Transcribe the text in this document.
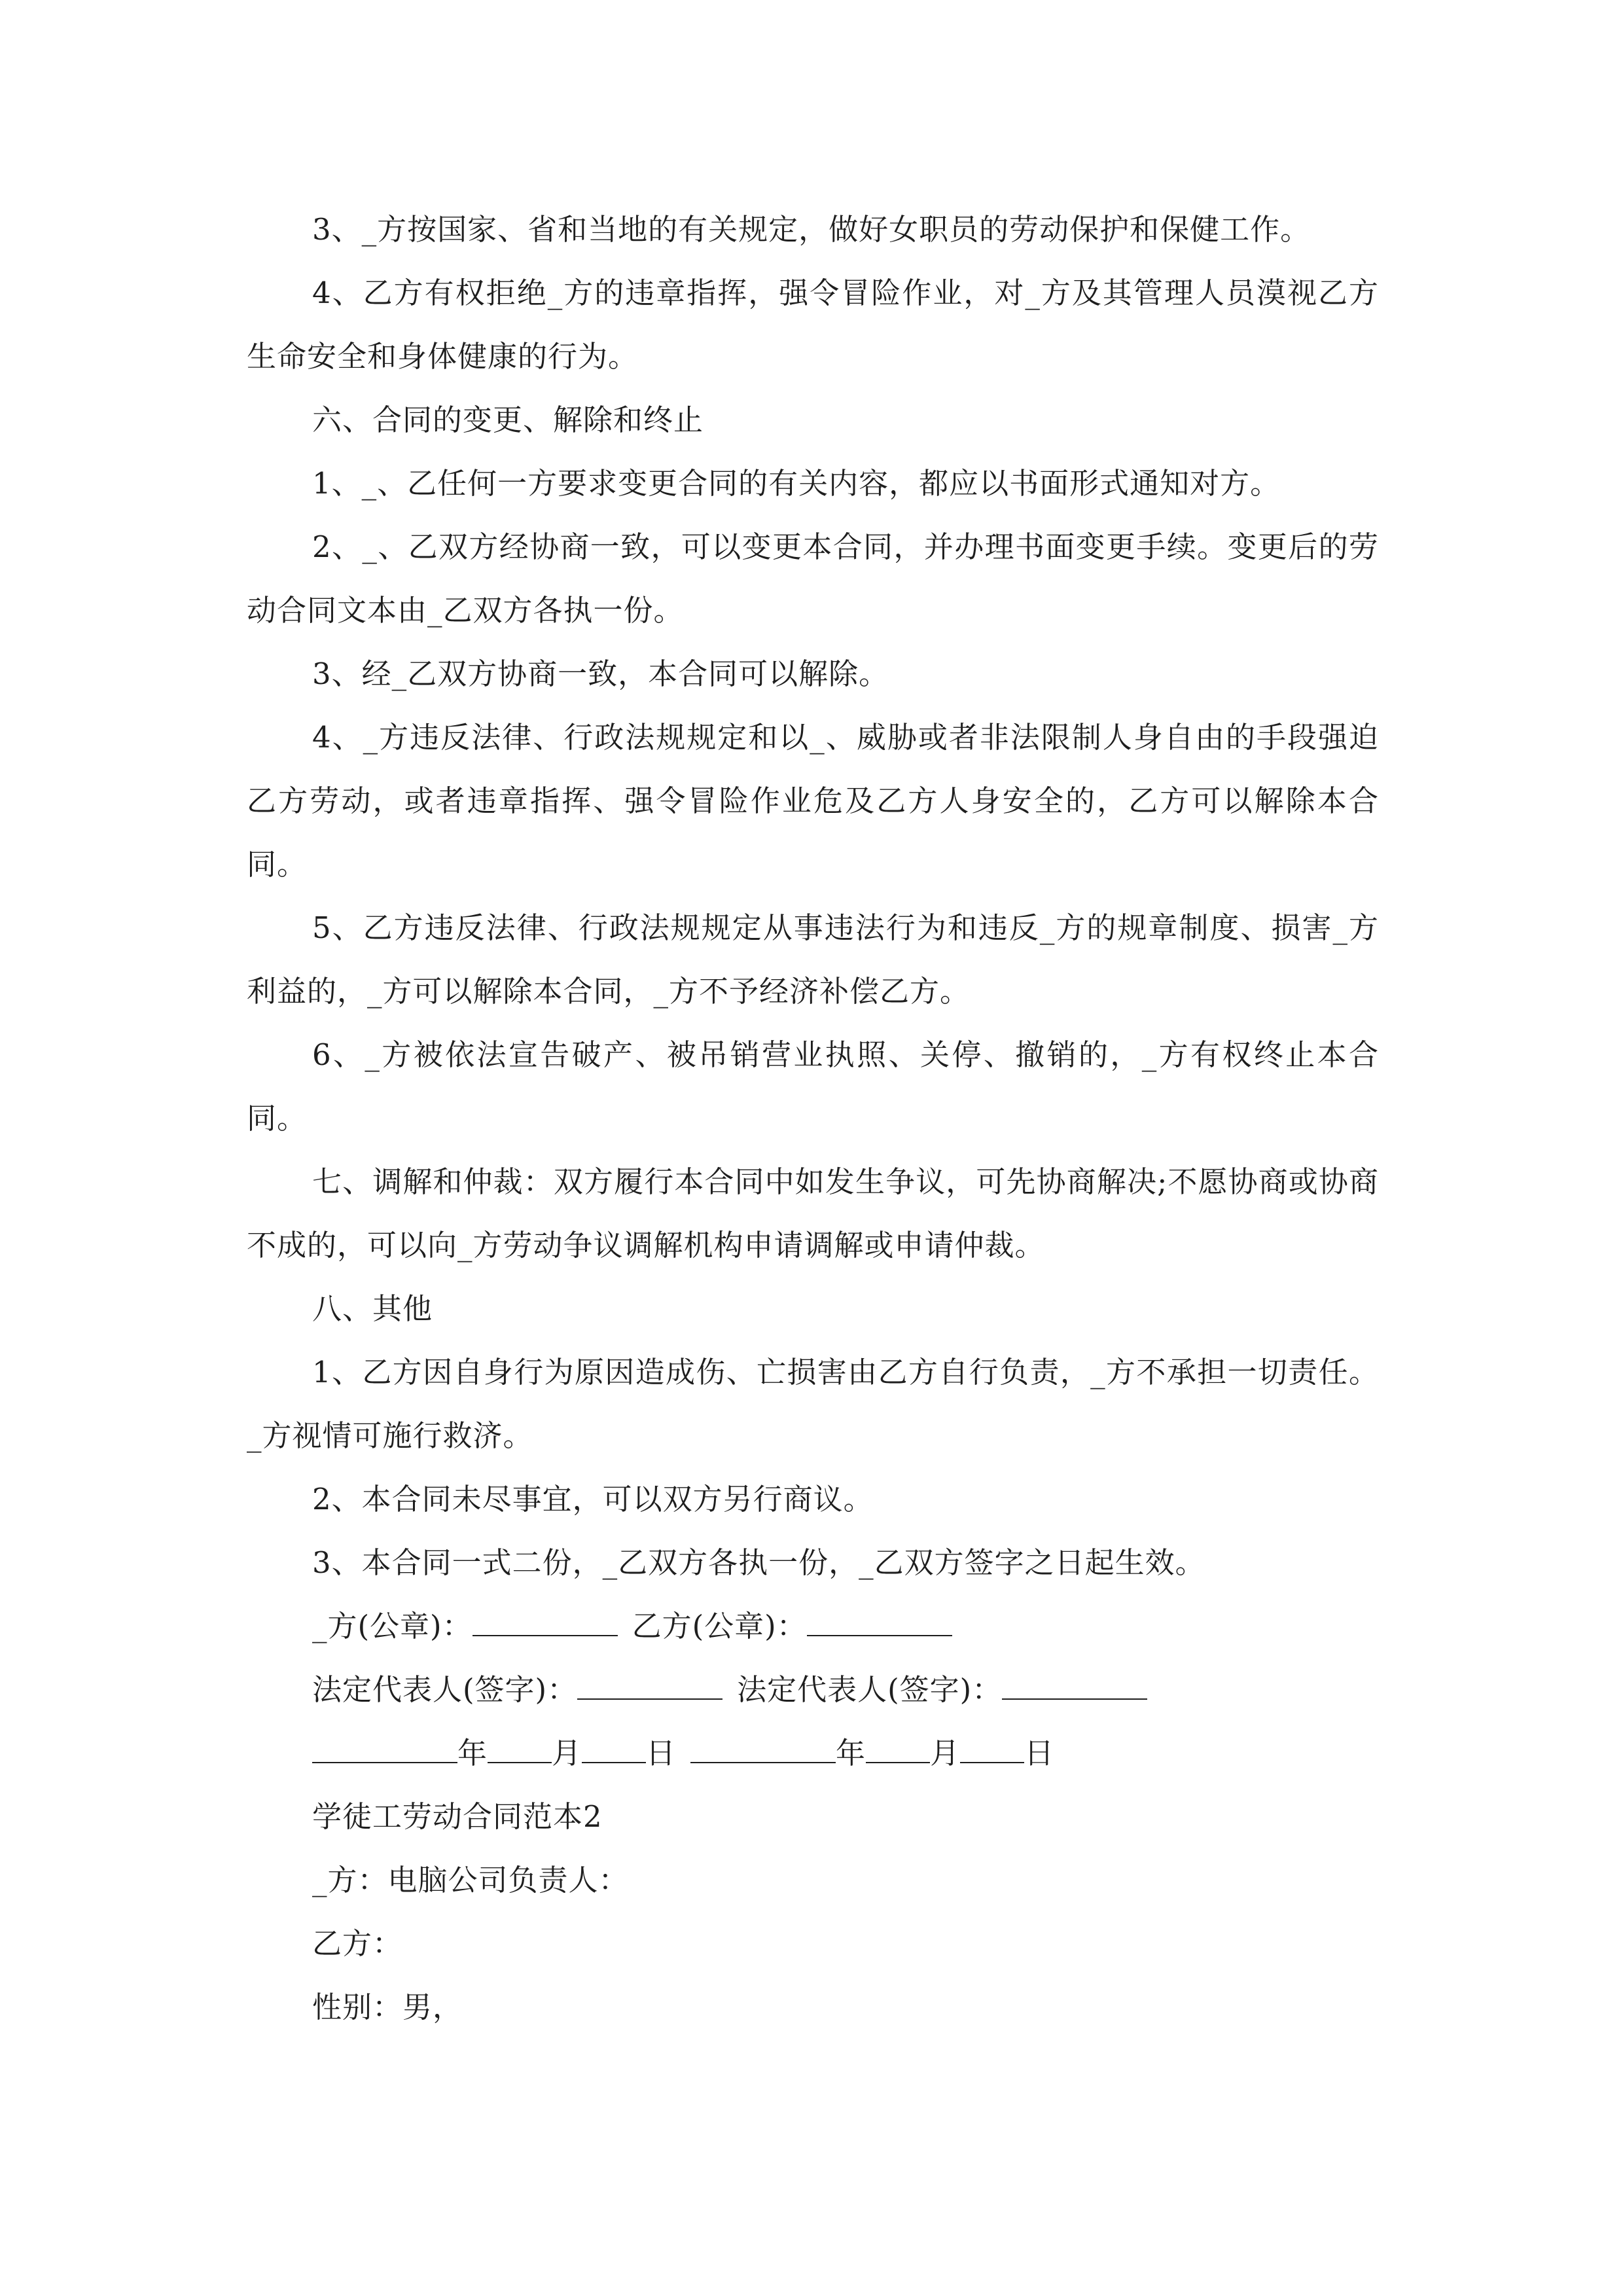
3、_方按国家、省和当地的有关规定，做好女职员的劳动保护和保健工作。

4、乙方有权拒绝_方的违章指挥，强令冒险作业，对_方及其管理人员漠视乙方生命安全和身体健康的行为。

六、合同的变更、解除和终止

1、_、乙任何一方要求变更合同的有关内容，都应以书面形式通知对方。

2、_、乙双方经协商一致，可以变更本合同，并办理书面变更手续。变更后的劳动合同文本由_乙双方各执一份。

3、经_乙双方协商一致，本合同可以解除。

4、_方违反法律、行政法规规定和以_、威胁或者非法限制人身自由的手段强迫乙方劳动，或者违章指挥、强令冒险作业危及乙方人身安全的，乙方可以解除本合同。

5、乙方违反法律、行政法规规定从事违法行为和违反_方的规章制度、损害_方利益的，_方可以解除本合同，_方不予经济补偿乙方。

6、_方被依法宣告破产、被吊销营业执照、关停、撤销的，_方有权终止本合同。

七、调解和仲裁：双方履行本合同中如发生争议，可先协商解决;不愿协商或协商不成的，可以向_方劳动争议调解机构申请调解或申请仲裁。

八、其他

1、乙方因自身行为原因造成伤、亡损害由乙方自行负责，_方不承担一切责任。_方视情可施行救济。

2、本合同未尽事宜，可以双方另行商议。

3、本合同一式二份，_乙双方各执一份，_乙双方签字之日起生效。

_方(公章)：	乙方(公章)：
法定代表人(签字)：	法定代表人(签字)：
年 月 日	年 月 日
学徒工劳动合同范本2
_方：电脑公司负责人：
乙方：
性别：男，
